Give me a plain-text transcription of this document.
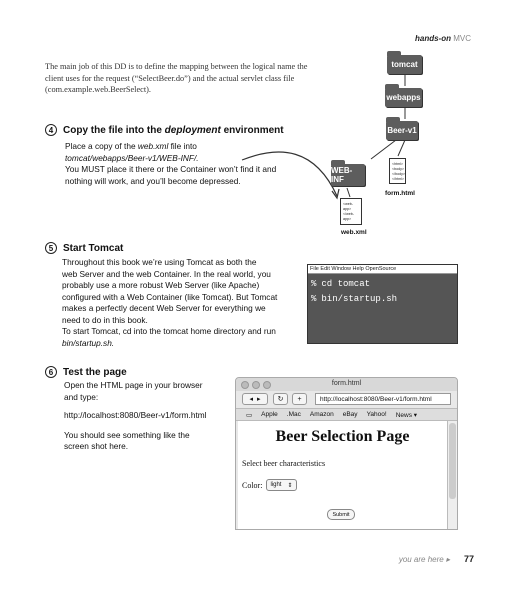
hands-on MVC
The main job of this DD is to define the mapping between the logical name the client uses for the request (“SelectBeer.do”) and the actual servlet class file (com.example.web.BeerSelect).
tomcat
webapps
Beer-v1
WEB-INF
<html>
<body>
</body>
</html>
form.html
<web-app>
</web-app>
web.xml
4 Copy the file into the deployment environment
Place a copy of the web.xml file into
tomcat/webapps/Beer-v1/WEB-INF/.
You MUST place it there or the Container won’t find it and
nothing will work, and you’ll become depressed.
5 Start Tomcat
Throughout this book we’re using Tomcat as both the
web Server and the web Container. In the real world, you
probably use a more robust Web Server (like Apache)
configured with a Web Container (like Tomcat). But Tomcat
makes a perfectly decent Web Server for everything we
need to do in this book.
To start Tomcat, cd into the tomcat home directory and run
bin/startup.sh.
File Edit Window Help OpenSource
% cd tomcat
% bin/startup.sh
6 Test the page
Open the HTML page in your browser
and type:
http://localhost:8080/Beer-v1/form.html
You should see something like the
screen shot here.
form.html
◂ ▸ ↻ +	http://localhost:8080/Beer-v1/form.html
▭ Apple .Mac Amazon eBay Yahoo! News ▾
Beer Selection Page
Select beer characteristics
Color: light ⇕
Submit
you are here ▸ 77
